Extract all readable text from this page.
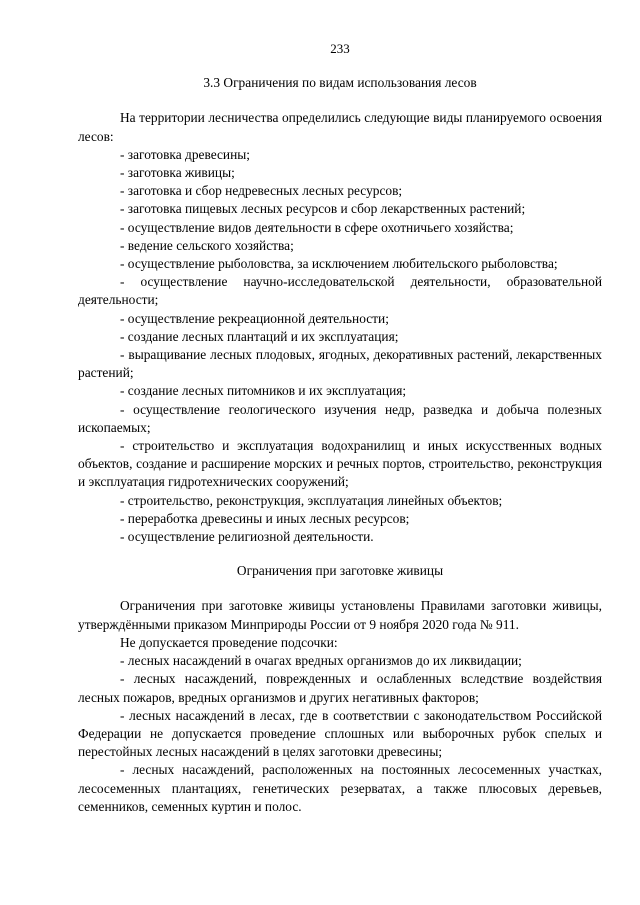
233
3.3 Ограничения по видам использования лесов

На территории лесничества определились следующие виды планируемого освоения лесов:

- заготовка древесины;

- заготовка живицы;

- заготовка и сбор недревесных лесных ресурсов;

- заготовка пищевых лесных ресурсов и сбор лекарственных растений;

- осуществление видов деятельности в сфере охотничьего хозяйства;

- ведение сельского хозяйства;

- осуществление рыболовства, за исключением любительского рыболовства;

- осуществление научно-исследовательской деятельности, образовательной деятельности;

- осуществление рекреационной деятельности;

- создание лесных плантаций и их эксплуатация;

- выращивание лесных плодовых, ягодных, декоративных растений, лекарственных растений;

- создание лесных питомников и их эксплуатация;

- осуществление геологического изучения недр, разведка и добыча полезных ископаемых;

- строительство и эксплуатация водохранилищ и иных искусственных водных объектов, создание и расширение морских и речных портов, строительство, реконструкция и эксплуатация гидротехнических сооружений;

- строительство, реконструкция, эксплуатация линейных объектов;

- переработка древесины и иных лесных ресурсов;

- осуществление религиозной деятельности.

Ограничения при заготовке живицы

Ограничения при заготовке живицы установлены Правилами заготовки живицы, утверждёнными приказом Минприроды России от 9 ноября 2020 года № 911.

Не допускается проведение подсочки:

- лесных насаждений в очагах вредных организмов до их ликвидации;

- лесных насаждений, поврежденных и ослабленных вследствие воздействия лесных пожаров, вредных организмов и других негативных факторов;

- лесных насаждений в лесах, где в соответствии с законодательством Российской Федерации не допускается проведение сплошных или выборочных рубок спелых и перестойных лесных насаждений в целях заготовки древесины;

- лесных насаждений, расположенных на постоянных лесосеменных участках, лесосеменных плантациях, генетических резерватах, а также плюсовых деревьев, семенников, семенных куртин и полос.
